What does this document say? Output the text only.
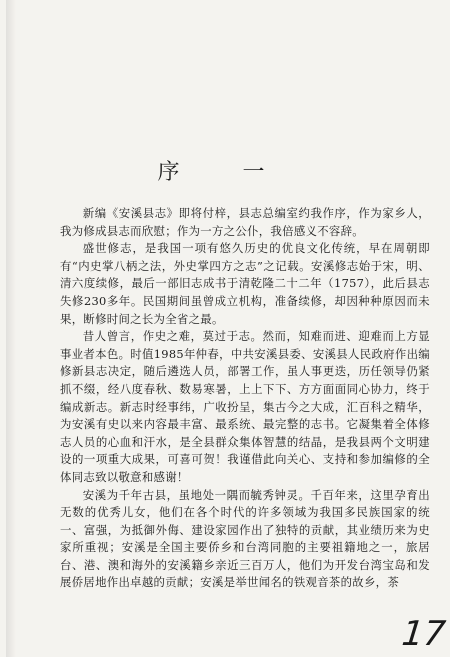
序 一

新编《安溪县志》即将付梓，县志总编室约我作序，作为家乡人，我为修成县志而欣慰；作为一方之公仆，我倍感义不容辞。

盛世修志，是我国一项有悠久历史的优良文化传统，早在周朝即有“内史掌八柄之法，外史掌四方之志”之记载。安溪修志始于宋，明、清六度续修，最后一部旧志成书于清乾隆二十二年（1757），此后县志失修230多年。民国期间虽曾成立机构，准备续修，却因种种原因而未果，断修时间之长为全省之最。

昔人曾言，作史之难，莫过于志。然而，知难而进、迎难而上方显事业者本色。时值1985年仲春，中共安溪县委、安溪县人民政府作出编修新县志决定，随后遴选人员，部署工作，虽人事更迭，历任领导仍紧抓不缀，经八度春秋、数易寒暑，上上下下、方方面面同心协力，终于编成新志。新志时经事纬，广收扮呈，集古今之大成，汇百科之精华，为安溪有史以来内容最丰富、最系统、最完整的志书。它凝集着全体修志人员的心血和汗水，是全县群众集体智慧的结晶，是我县两个文明建设的一项重大成果，可喜可贺！我谨借此向关心、支持和参加编修的全体同志致以敬意和感谢！

安溪为千年古县，虽地处一隅而毓秀钟灵。千百年来，这里孕育出无数的优秀儿女，他们在各个时代的许多领域为我国多民族国家的统一、富强，为抵御外侮、建设家园作出了独特的贡献，其业绩历来为史家所重视；安溪是全国主要侨乡和台湾同胞的主要祖籍地之一，旅居台、港、澳和海外的安溪籍乡亲近三百万人，他们为开发台湾宝岛和发展侨居地作出卓越的贡献；安溪是举世闻名的铁观音茶的故乡，茶

17
